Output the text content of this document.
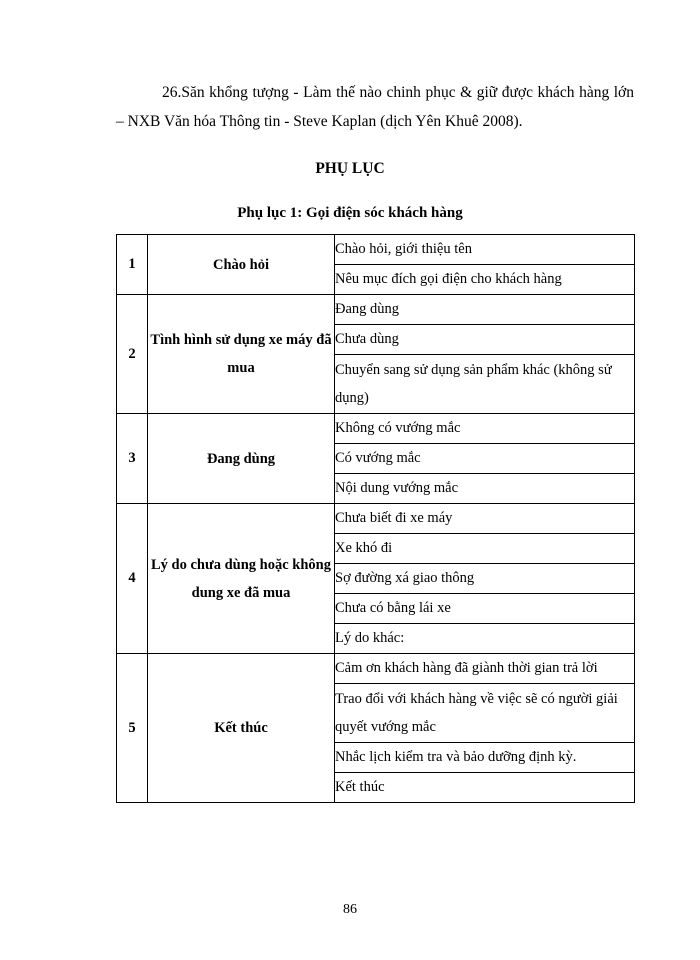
26.Săn khổng tượng - Làm thế nào chinh phục & giữ được khách hàng lớn – NXB Văn hóa Thông tin - Steve Kaplan (dịch Yên Khuê 2008).

PHỤ LỤC
Phụ lục 1: Gọi điện sóc khách hàng
1	Chào hỏi	Chào hỏi, giới thiệu tên
		Nêu mục đích gọi điện cho khách hàng
2	Tình hình sử dụng xe máy đã mua	Đang dùng
		Chưa dùng
		Chuyển sang sử dụng sản phẩm khác (không sử dụng)
3	Đang dùng	Không có vướng mắc
		Có vướng mắc
		Nội dung vướng mắc
4	Lý do chưa dùng hoặc không dung xe đã mua	Chưa biết đi xe máy
		Xe khó đi
		Sợ đường xá giao thông
		Chưa có bằng lái xe
		Lý do khác:
5	Kết thúc	Cảm ơn khách hàng đã giành thời gian trả lời
		Trao đổi với khách hàng về việc sẽ có người giải quyết vướng mắc
		Nhắc lịch kiểm tra và bảo dưỡng định kỳ.
		Kết thúc

86
